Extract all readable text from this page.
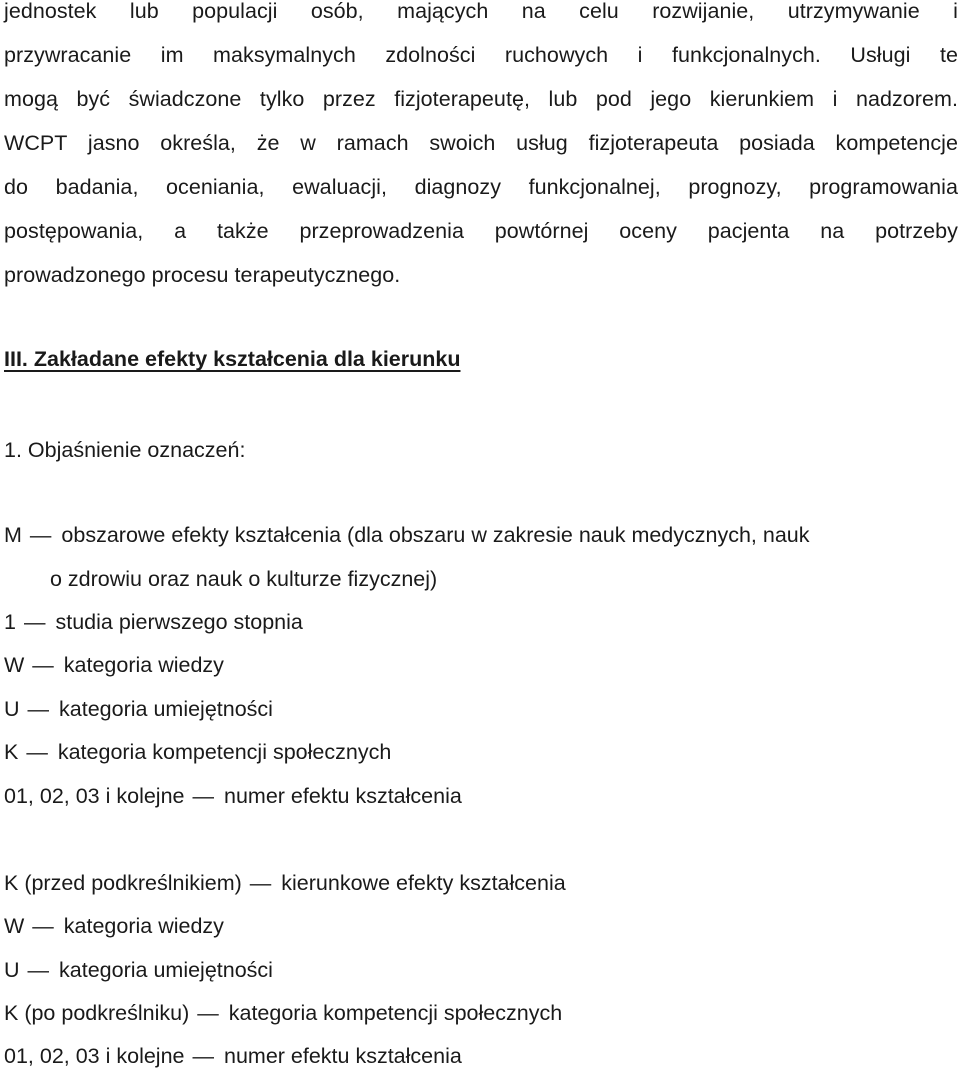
jednostek lub populacji osób, mających na celu rozwijanie, utrzymywanie i
przywracanie im maksymalnych zdolności ruchowych i funkcjonalnych. Usługi te
mogą być świadczone tylko przez fizjoterapeutę, lub pod jego kierunkiem i nadzorem.
WCPT jasno określa, że w ramach swoich usług fizjoterapeuta posiada kompetencje
do badania, oceniania, ewaluacji, diagnozy funkcjonalnej, prognozy, programowania
postępowania, a także przeprowadzenia powtórnej oceny pacjenta na potrzeby
prowadzonego procesu terapeutycznego.
III. Zakładane efekty kształcenia dla kierunku
1. Objaśnienie oznaczeń:
M — obszarowe efekty kształcenia (dla obszaru w zakresie nauk medycznych, nauk
o zdrowiu oraz nauk o kulturze fizycznej)
1 — studia pierwszego stopnia
W — kategoria wiedzy
U — kategoria umiejętności
K — kategoria kompetencji społecznych
01, 02, 03 i kolejne — numer efektu kształcenia
K (przed podkreślnikiem) — kierunkowe efekty kształcenia
W — kategoria wiedzy
U — kategoria umiejętności
K (po podkreślniku) — kategoria kompetencji społecznych
01, 02, 03 i kolejne — numer efektu kształcenia
